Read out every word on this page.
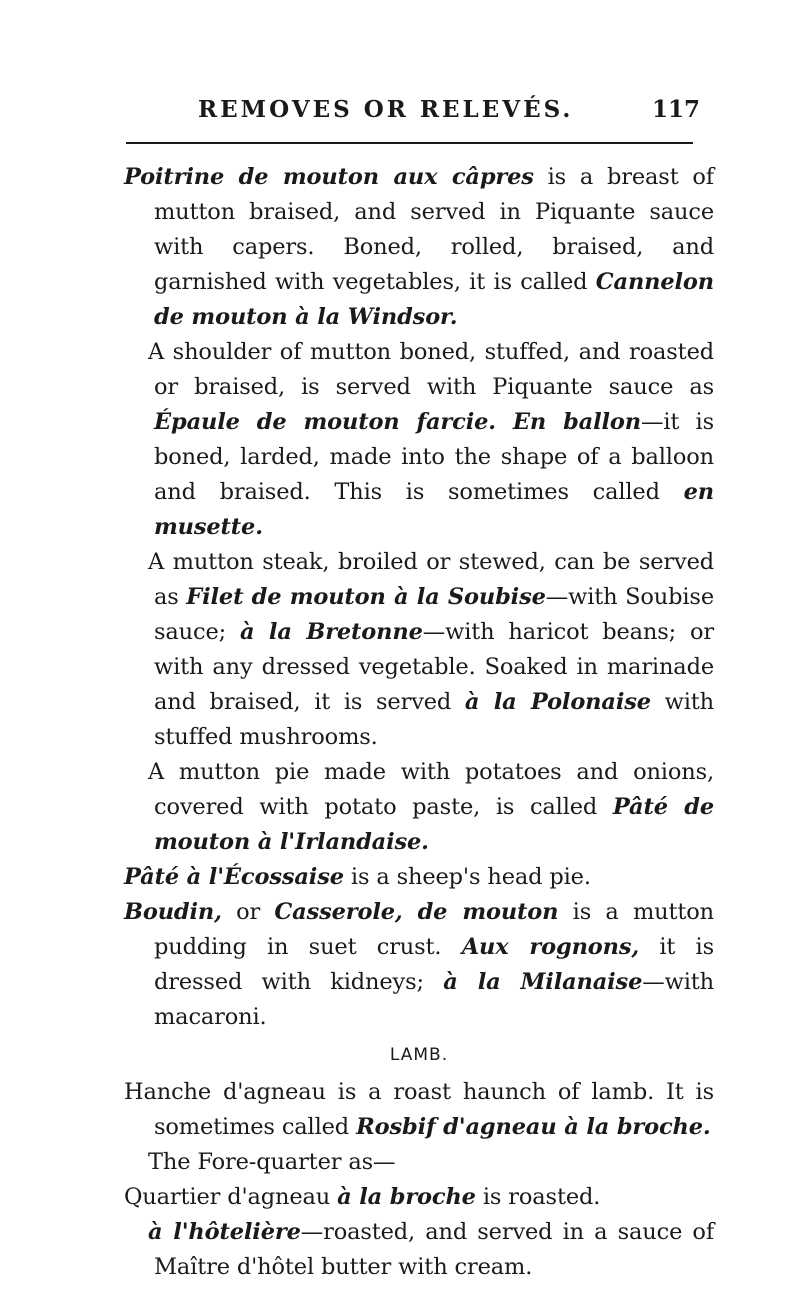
REMOVES OR RELEVÉS.	117

Poitrine de mouton aux câpres is a breast of mutton braised, and served in Piquante sauce with capers. Boned, rolled, braised, and garnished with vegetables, it is called Cannelon de mouton à la Windsor.

A shoulder of mutton boned, stuffed, and roasted or braised, is served with Piquante sauce as Épaule de mouton farcie. En ballon—it is boned, larded, made into the shape of a balloon and braised. This is sometimes called en musette.

A mutton steak, broiled or stewed, can be served as Filet de mouton à la Soubise—with Soubise sauce; à la Bretonne—with haricot beans; or with any dressed vegetable. Soaked in marinade and braised, it is served à la Polonaise with stuffed mushrooms.

A mutton pie made with potatoes and onions, covered with potato paste, is called Pâté de mouton à l'Irlandaise.

Pâté à l'Écossaise is a sheep's head pie.

Boudin, or Casserole, de mouton is a mutton pudding in suet crust. Aux rognons, it is dressed with kidneys; à la Milanaise—with macaroni.

LAMB.

Hanche d'agneau is a roast haunch of lamb. It is sometimes called Rosbif d'agneau à la broche.

The Fore-quarter as—

Quartier d'agneau à la broche is roasted.

à l'hôtelière—roasted, and served in a sauce of Maître d'hôtel butter with cream.
